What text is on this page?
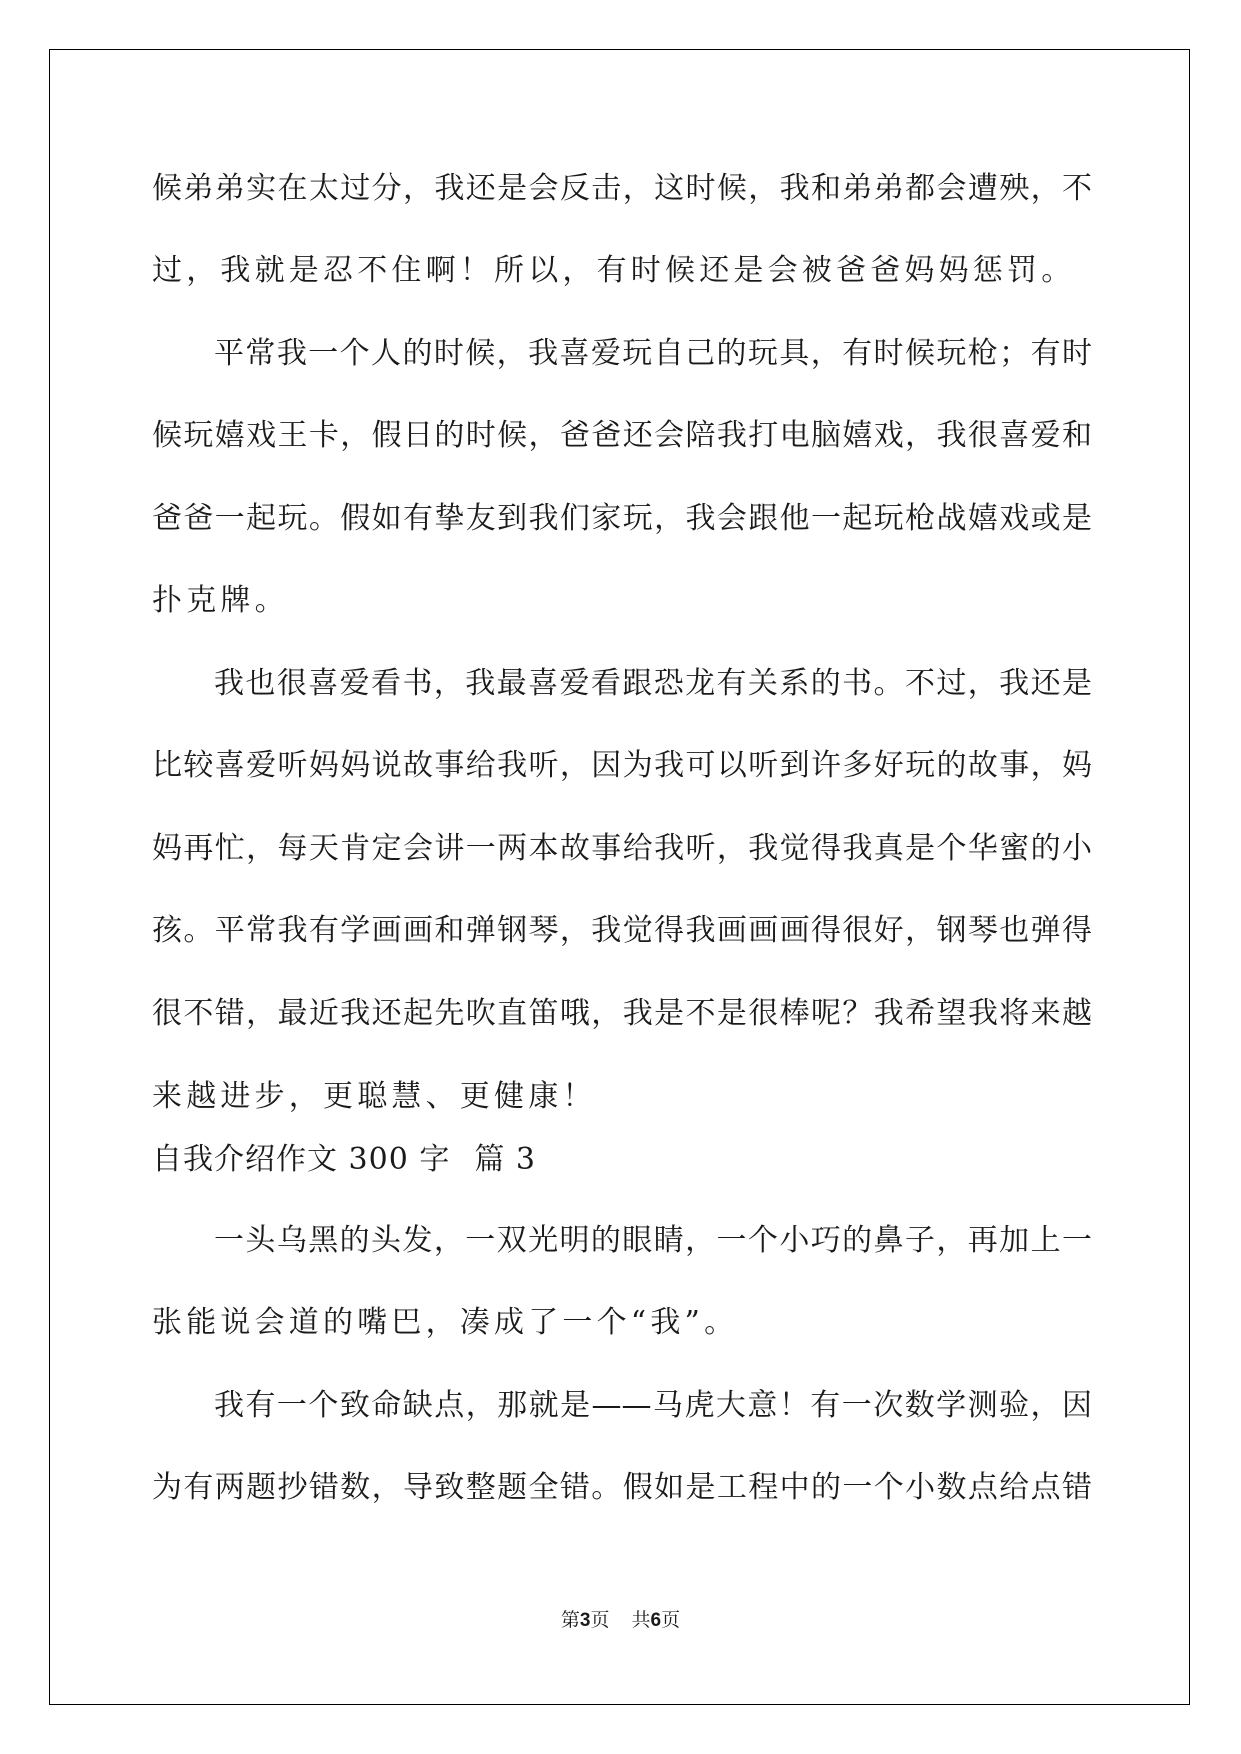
候弟弟实在太过分，我还是会反击，这时候，我和弟弟都会遭殃，不
过，我就是忍不住啊！所以，有时候还是会被爸爸妈妈惩罚。
平常我一个人的时候，我喜爱玩自己的玩具，有时候玩枪；有时
候玩嬉戏王卡，假日的时候，爸爸还会陪我打电脑嬉戏，我很喜爱和
爸爸一起玩。假如有挚友到我们家玩，我会跟他一起玩枪战嬉戏或是
扑克牌。
我也很喜爱看书，我最喜爱看跟恐龙有关系的书。不过，我还是
比较喜爱听妈妈说故事给我听，因为我可以听到许多好玩的故事，妈
妈再忙，每天肯定会讲一两本故事给我听，我觉得我真是个华蜜的小
孩。平常我有学画画和弹钢琴，我觉得我画画画得很好，钢琴也弹得
很不错，最近我还起先吹直笛哦，我是不是很棒呢？我希望我将来越
来越进步，更聪慧、更健康！
自我介绍作文 300 字 篇 3
一头乌黑的头发，一双光明的眼睛，一个小巧的鼻子，再加上一
张能说会道的嘴巴，凑成了一个“我”。
我有一个致命缺点，那就是——马虎大意！有一次数学测验，因
为有两题抄错数，导致整题全错。假如是工程中的一个小数点给点错
第3页 共6页
